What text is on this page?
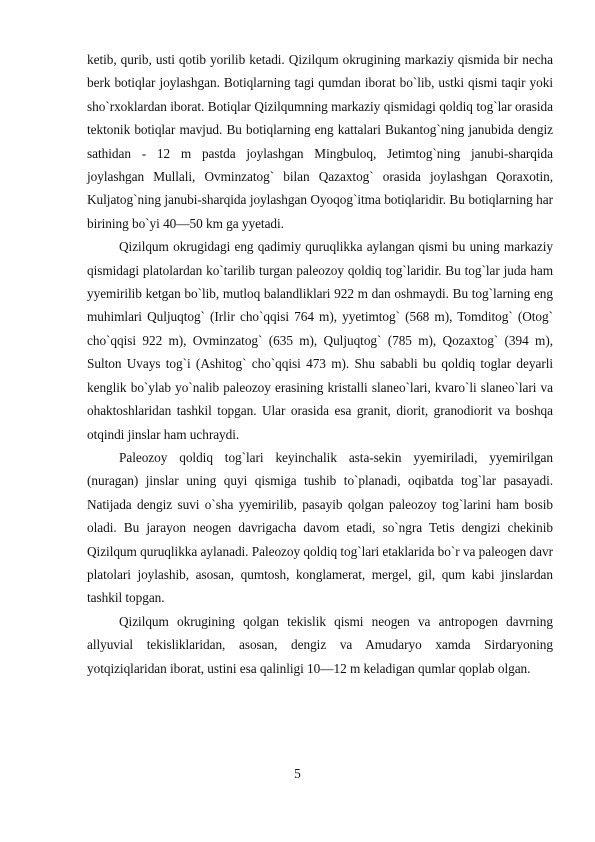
ketib, qurib, usti qotib yorilib ketadi. Qizilqum okrugining markaziy qismida bir necha berk botiqlar joylashgan. Botiqlarning tagi qumdan iborat bo`lib, ustki qismi taqir yoki sho`rxoklardan iborat. Botiqlar Qizilqumning markaziy qismidagi qoldiq tog`lar orasida tektonik botiqlar mavjud. Bu botiqlarning eng kattalari Bukantog`ning janubida dengiz sathidan - 12 m pastda joylashgan Mingbuloq, Jetimtog`ning janubi-sharqida joylashgan Mullali, Ovminzatog` bilan Qazaxtog` orasida joylashgan Qoraxotin, Kuljatog`ning janubi-sharqida joylashgan Oyoqog`itma botiqlaridir. Bu botiqlarning har birining bo`yi 40—50 km ga yyetadi.

Qizilqum okrugidagi eng qadimiy quruqlikka aylangan qismi bu uning markaziy qismidagi platolardan ko`tarilib turgan paleozoy qoldiq tog`laridir. Bu tog`lar juda ham yyemirilib ketgan bo`lib, mutloq balandliklari 922 m dan oshmaydi. Bu tog`larning eng muhimlari Quljuqtog` (Irlir cho`qqisi 764 m), yyetimtog` (568 m), Tomditog` (Otog` cho`qqisi 922 m), Ovminzatog` (635 m), Quljuqtog` (785 m), Qozaxtog` (394 m), Sulton Uvays tog`i (Ashitog` cho`qqisi 473 m). Shu sababli bu qoldiq toglar deyarli kenglik bo`ylab yo`nalib paleozoy erasining kristalli slaneo`lari, kvaro`li slaneo`lari va ohaktoshlaridan tashkil topgan. Ular orasida esa granit, diorit, granodiorit va boshqa otqindi jinslar ham uchraydi.

Paleozoy qoldiq tog`lari keyinchalik asta-sekin yyemiriladi, yyemirilgan (nuragan) jinslar uning quyi qismiga tushib to`planadi, oqibatda tog`lar pasayadi. Natijada dengiz suvi o`sha yyemirilib, pasayib qolgan paleozoy tog`larini ham bosib oladi. Bu jarayon neogen davrigacha davom etadi, so`ngra Tetis dengizi chekinib Qizilqum quruqlikka aylanadi. Paleozoy qoldiq tog`lari etaklarida bo`r va paleogen davr platolari joylashib, asosan, qumtosh, konglamerat, mergel, gil, qum kabi jinslardan tashkil topgan.

Qizilqum okrugining qolgan tekislik qismi neogen va antropogen davrning allyuvial tekisliklaridan, asosan, dengiz va Amudaryo xamda Sirdaryoning yotqiziqlaridan iborat, ustini esa qalinligi 10—12 m keladigan qumlar qoplab olgan.

5
